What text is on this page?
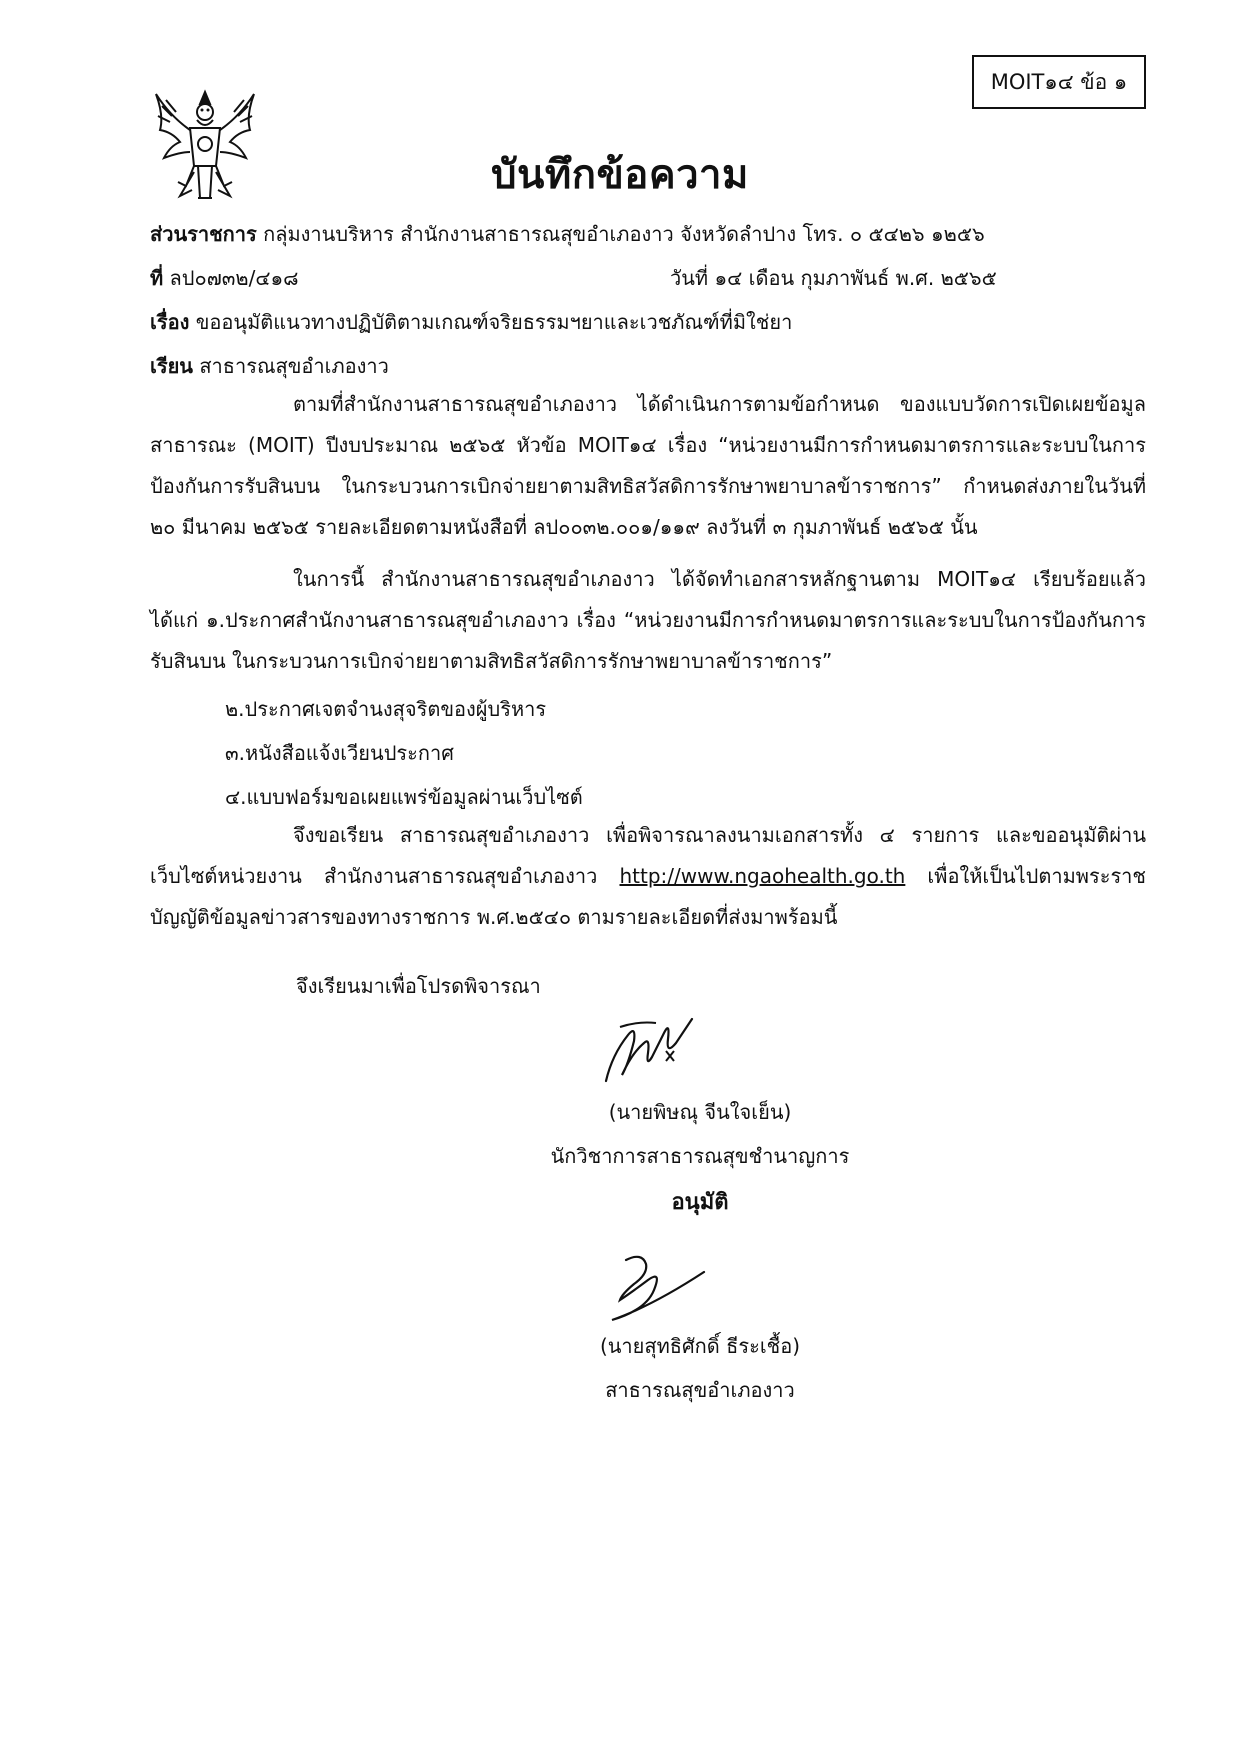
MOIT๑๔ ข้อ ๑
บันทึกข้อความ
ส่วนราชการ กลุ่มงานบริหาร สำนักงานสาธารณสุขอำเภองาว จังหวัดลำปาง โทร. ๐ ๕๔๒๖ ๑๒๕๖
ที่ ลป๐๗๓๒/๔๑๘	วันที่ ๑๔ เดือน กุมภาพันธ์ พ.ศ. ๒๕๖๕
เรื่อง ขออนุมัติแนวทางปฏิบัติตามเกณฑ์จริยธรรมฯยาและเวชภัณฑ์ที่มิใช่ยา
เรียน สาธารณสุขอำเภองาว
ตามที่สำนักงานสาธารณสุขอำเภองาว ได้ดำเนินการตามข้อกำหนด ของแบบวัดการเปิดเผยข้อมูลสาธารณะ (MOIT) ปีงบประมาณ ๒๕๖๕ หัวข้อ MOIT๑๔ เรื่อง “หน่วยงานมีการกำหนดมาตรการและระบบในการป้องกันการรับสินบน ในกระบวนการเบิกจ่ายยาตามสิทธิสวัสดิการรักษาพยาบาลข้าราชการ” กำหนดส่งภายในวันที่ ๒๐ มีนาคม ๒๕๖๕ รายละเอียดตามหนังสือที่ ลป๐๐๓๒.๐๐๑/๑๑๙ ลงวันที่ ๓ กุมภาพันธ์ ๒๕๖๕ นั้น
ในการนี้ สำนักงานสาธารณสุขอำเภองาว ได้จัดทำเอกสารหลักฐานตาม MOIT๑๔ เรียบร้อยแล้ว ได้แก่ ๑.ประกาศสำนักงานสาธารณสุขอำเภองาว เรื่อง “หน่วยงานมีการกำหนดมาตรการและระบบในการป้องกันการรับสินบน ในกระบวนการเบิกจ่ายยาตามสิทธิสวัสดิการรักษาพยาบาลข้าราชการ”
๒.ประกาศเจตจำนงสุจริตของผู้บริหาร
๓.หนังสือแจ้งเวียนประกาศ
๔.แบบฟอร์มขอเผยแพร่ข้อมูลผ่านเว็บไซต์
จึงขอเรียน สาธารณสุขอำเภองาว เพื่อพิจารณาลงนามเอกสารทั้ง ๔ รายการ และขออนุมัติผ่านเว็บไซต์หน่วยงาน สำนักงานสาธารณสุขอำเภองาว http://www.ngaohealth.go.th เพื่อให้เป็นไปตามพระราชบัญญัติข้อมูลข่าวสารของทางราชการ พ.ศ.๒๕๔๐ ตามรายละเอียดที่ส่งมาพร้อมนี้
จึงเรียนมาเพื่อโปรดพิจารณา
(นายพิษณุ จีนใจเย็น)
นักวิชาการสาธารณสุขชำนาญการ
อนุมัติ
(นายสุทธิศักดิ์ ธีระเชื้อ)
สาธารณสุขอำเภองาว
